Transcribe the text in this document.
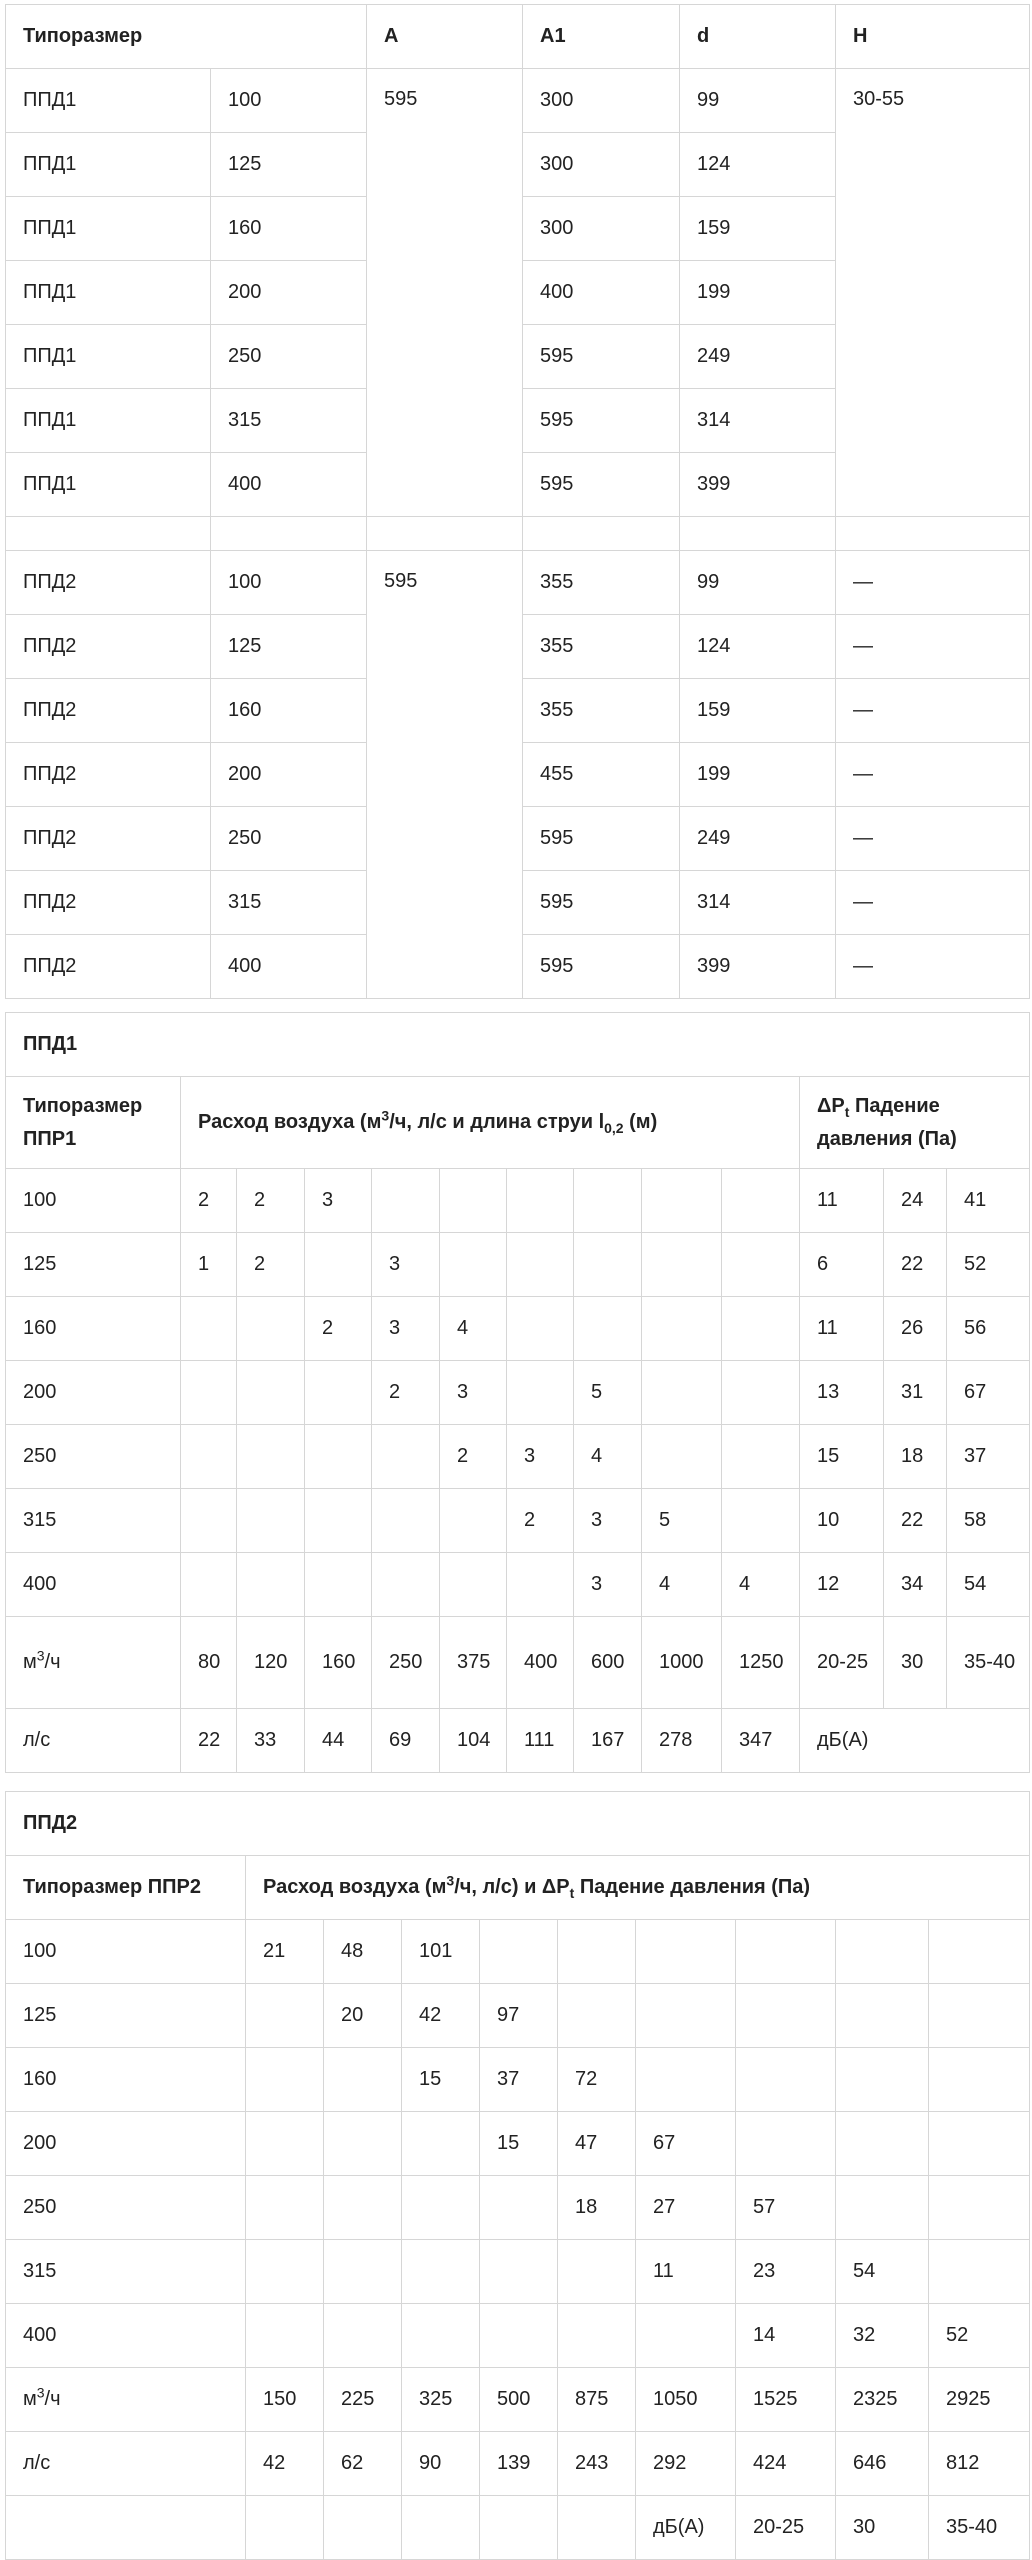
Типоразмер		A	A1	d	H
ППД1	100	595	300	99	30-55
ППД1	125		300	124	
ППД1	160		300	159	
ППД1	200		400	199	
ППД1	250		595	249	
ППД1	315		595	314	
ППД1	400		595	399	

ППД2	100	595	355	99	—
ППД2	125		355	124	—
ППД2	160		355	159	—
ППД2	200		455	199	—
ППД2	250		595	249	—
ППД2	315		595	314	—
ППД2	400		595	399	—
ППД1												

Типоразмер
ППР1	Расход воздуха ($м^3/ч$, л/с и длина струи $l_{0,2}$ (м)									$\Delta P_t$ Падение давления (Па)		
100	2	2	3							11	24	41
125	1	2		3						6	22	52
160			2	3	4					11	26	56
200				2	3		5			13	31	67
250					2	3	4			15	18	37
315						2	3	5		10	22	58
400							3	4	4	12	34	54
$м^3/ч$	80	120	160	250	375	400	600	1000	1250	20-25	30	35-40
л/с	22	33	44	69	104	111	167	278	347	дБ(А)		
ППД2									
Типоразмер ППР2	Расход воздуха ($м^3/ч$, л/с) и $\Delta P_t$ Падение давления (Па)								
100	21	48	101						
125		20	42	97					
160			15	37	72				
200				15	47	67			
250					18	27	57		
315						11	23	54	
400							14	32	52
$м^3/ч$	150	225	325	500	875	1050	1525	2325	2925
л/с	42	62	90	139	243	292	424	646	812
						дБ(А)	20-25	30	35-40
